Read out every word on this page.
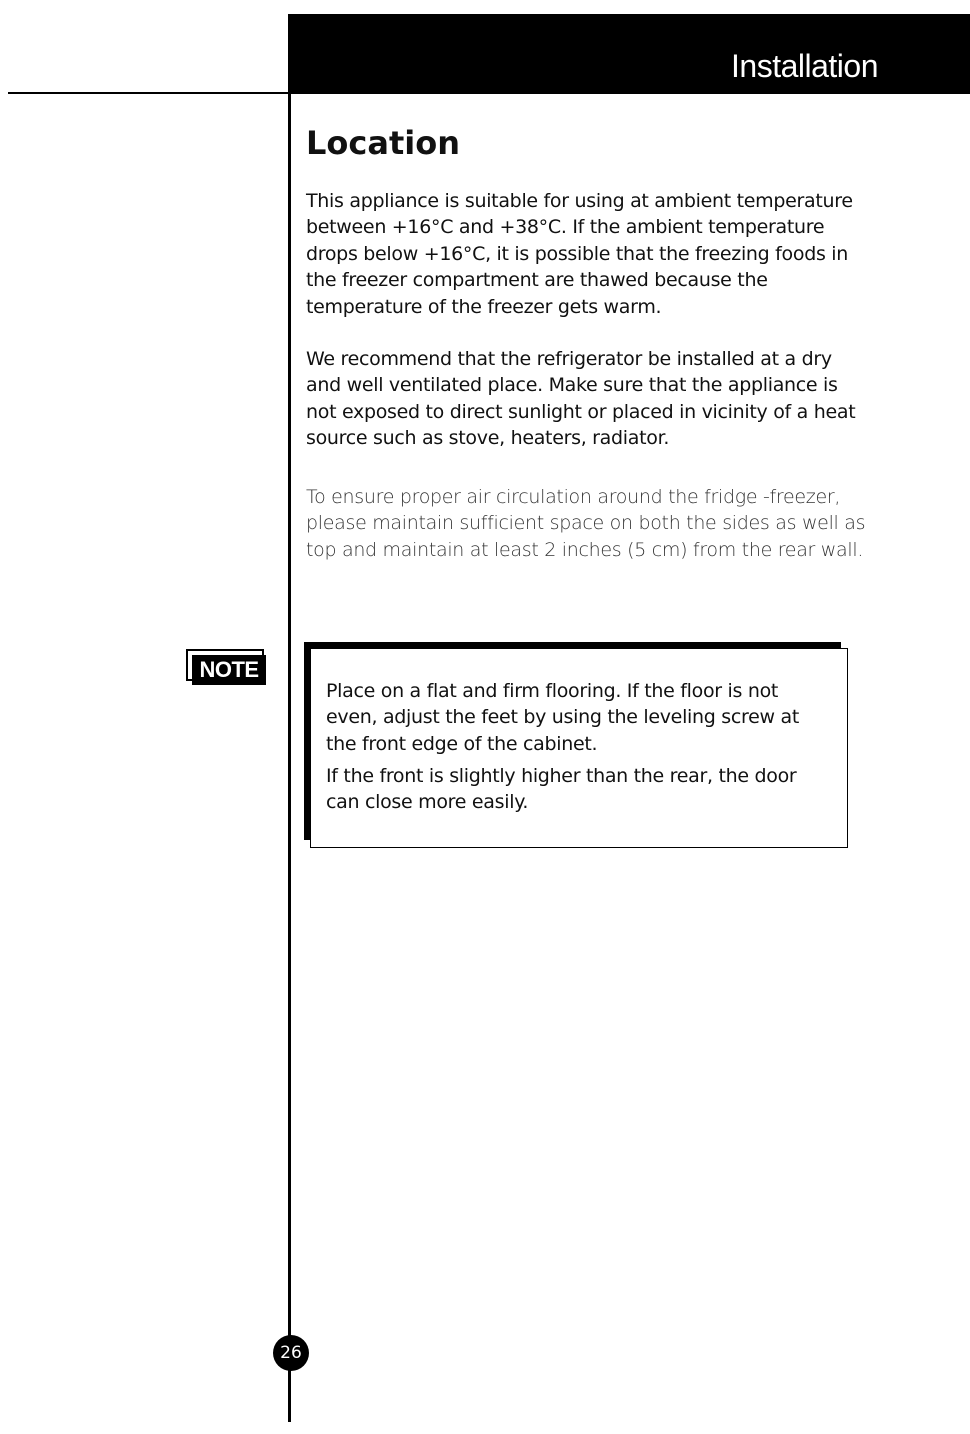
Installation
Location

This appliance is suitable for using at ambient temperature between +16°C and +38°C. If the ambient temperature drops below +16°C, it is possible that the freezing foods in the freezer compartment are thawed because the temperature of the freezer gets warm.

We recommend that the refrigerator be installed at a dry and well ventilated place. Make sure that the appliance is not exposed to direct sunlight or placed in vicinity of a heat source such as stove, heaters, radiator.

To ensure proper air circulation around the fridge -freezer, please maintain sufficient space on both the sides as well as top and maintain at least 2 inches (5 cm) from the rear wall.

NOTE

Place on a flat and firm flooring. If the floor is not even, adjust the feet by using the leveling screw at the front edge of the cabinet.

If the front is slightly higher than the rear, the door can close more easily.

26
